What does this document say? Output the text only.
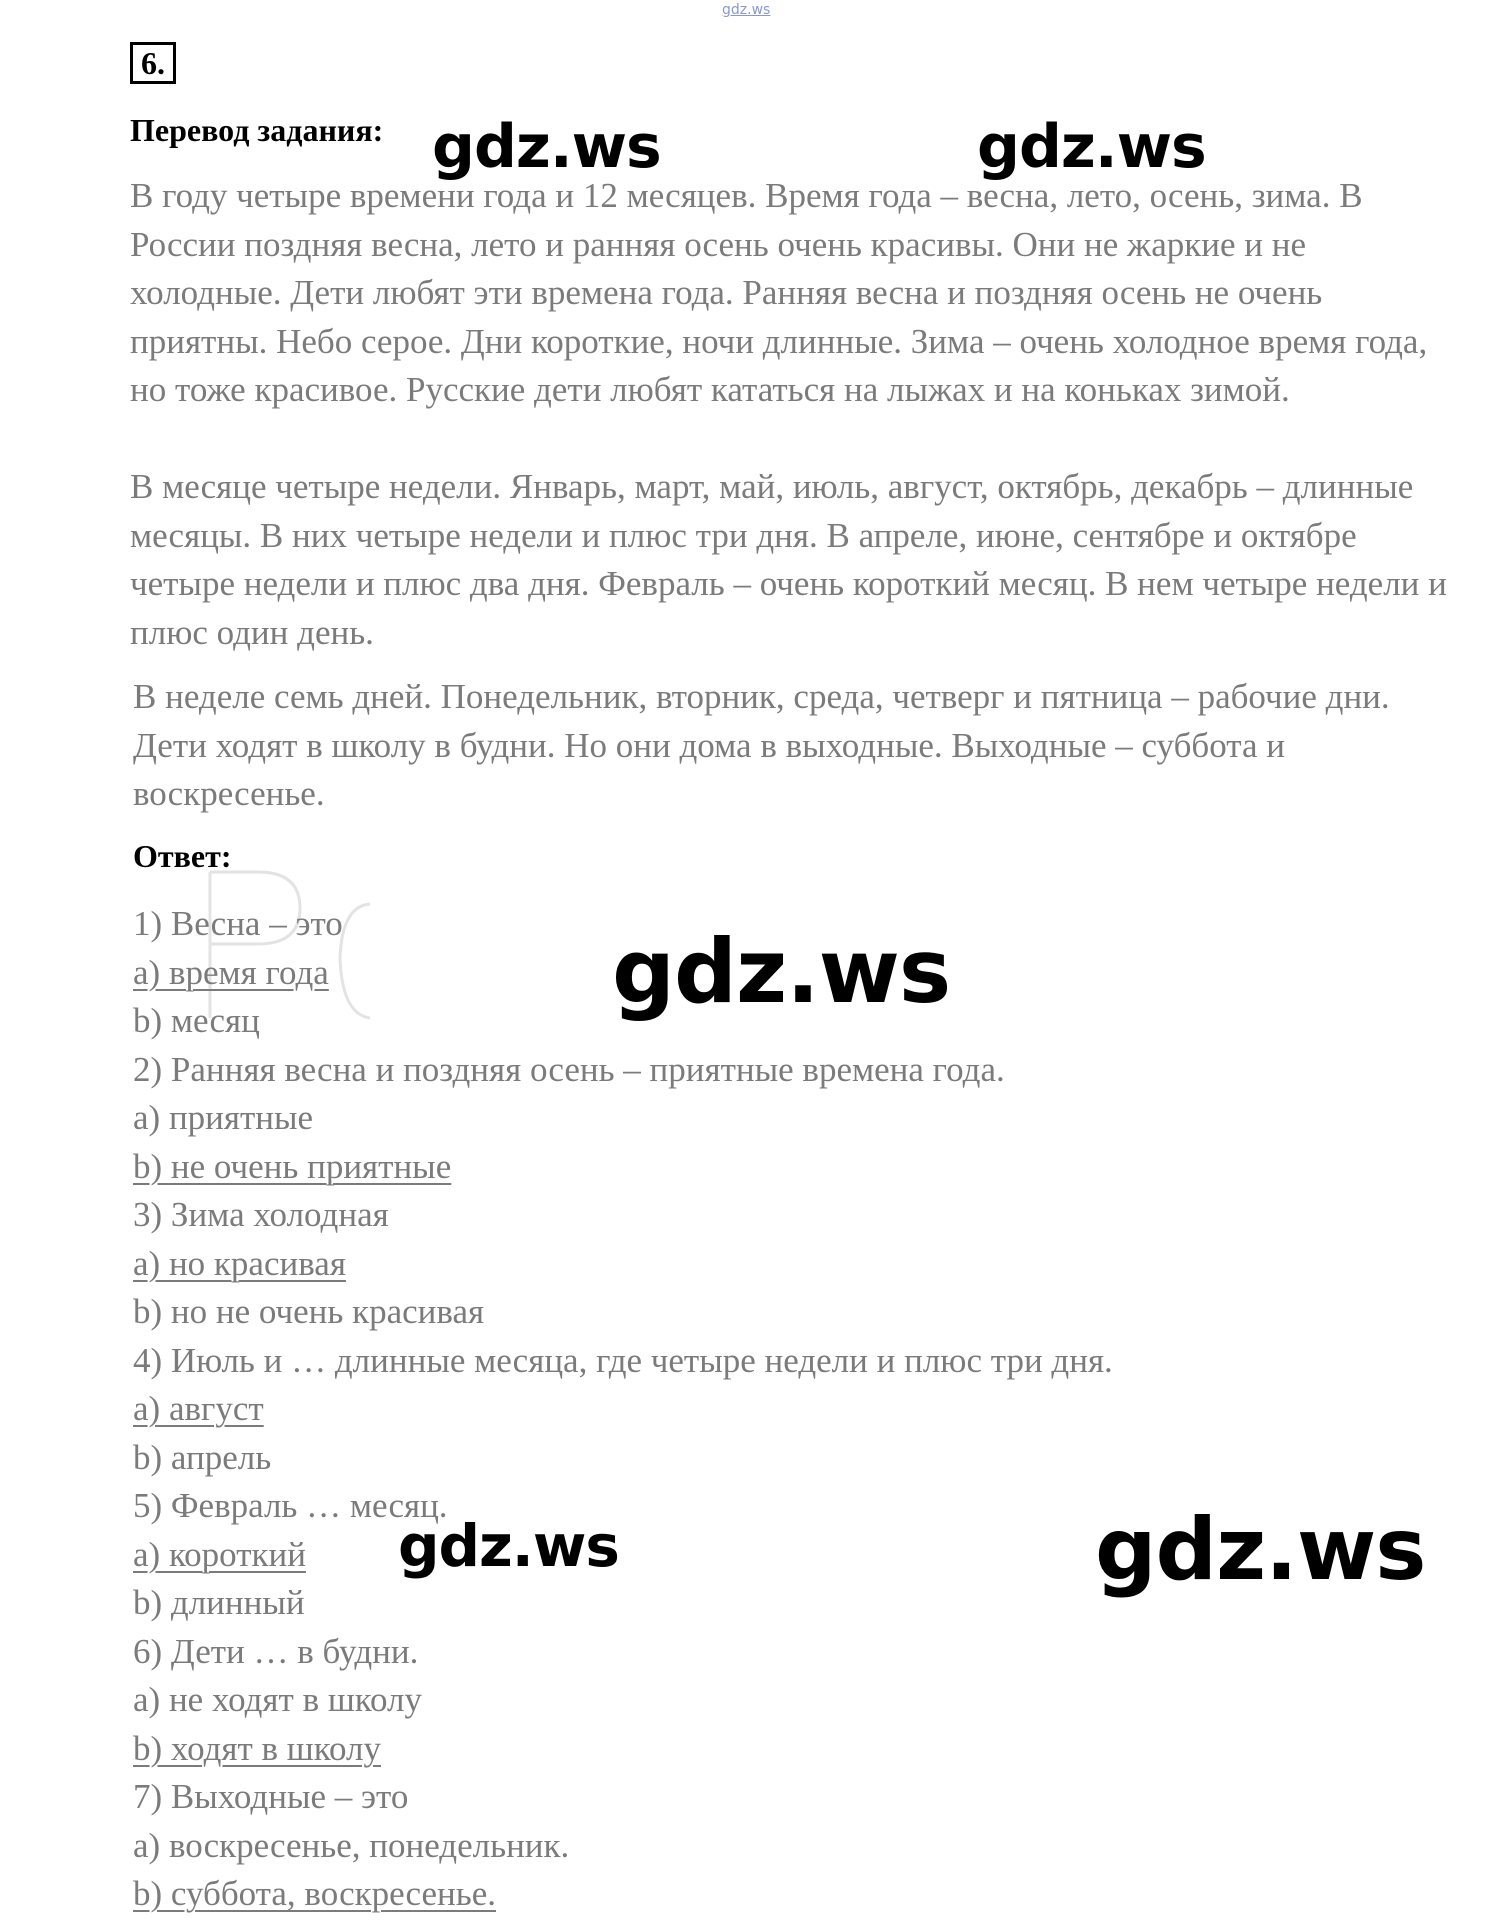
gdz.ws
6.
Перевод задания:

В году четыре времени года и 12 месяцев. Время года – весна, лето, осень, зима. В России поздняя весна, лето и ранняя осень очень красивы. Они не жаркие и не холодные. Дети любят эти времена года. Ранняя весна и поздняя осень не очень приятны. Небо серое. Дни короткие, ночи длинные. Зима – очень холодное время года, но тоже красивое. Русские дети любят кататься на лыжах и на коньках зимой.

В месяце четыре недели. Январь, март, май, июль, август, октябрь, декабрь – длинные месяцы. В них четыре недели и плюс три дня. В апреле, июне, сентябре и октябре четыре недели и плюс два дня. Февраль – очень короткий месяц. В нем четыре недели и плюс один день.

В неделе семь дней. Понедельник, вторник, среда, четверг и пятница – рабочие дни. Дети ходят в школу в будни. Но они дома в выходные. Выходные – суббота и воскресенье.

Ответ:
1) Весна – это
a) время года
b) месяц
2) Ранняя весна и поздняя осень – приятные времена года.
a) приятные
b) не очень приятные
3) Зима холодная
a) но красивая
b) но не очень красивая
4) Июль и … длинные месяца, где четыре недели и плюс три дня.
a) август
b) апрель
5) Февраль … месяц.
a) короткий
b) длинный
6) Дети … в будни.
a) не ходят в школу
b) ходят в школу
7) Выходные – это
a) воскресенье, понедельник.
b) суббота, воскресенье.
gdz.ws	gdz.ws
gdz.ws
gdz.ws	gdz.ws
